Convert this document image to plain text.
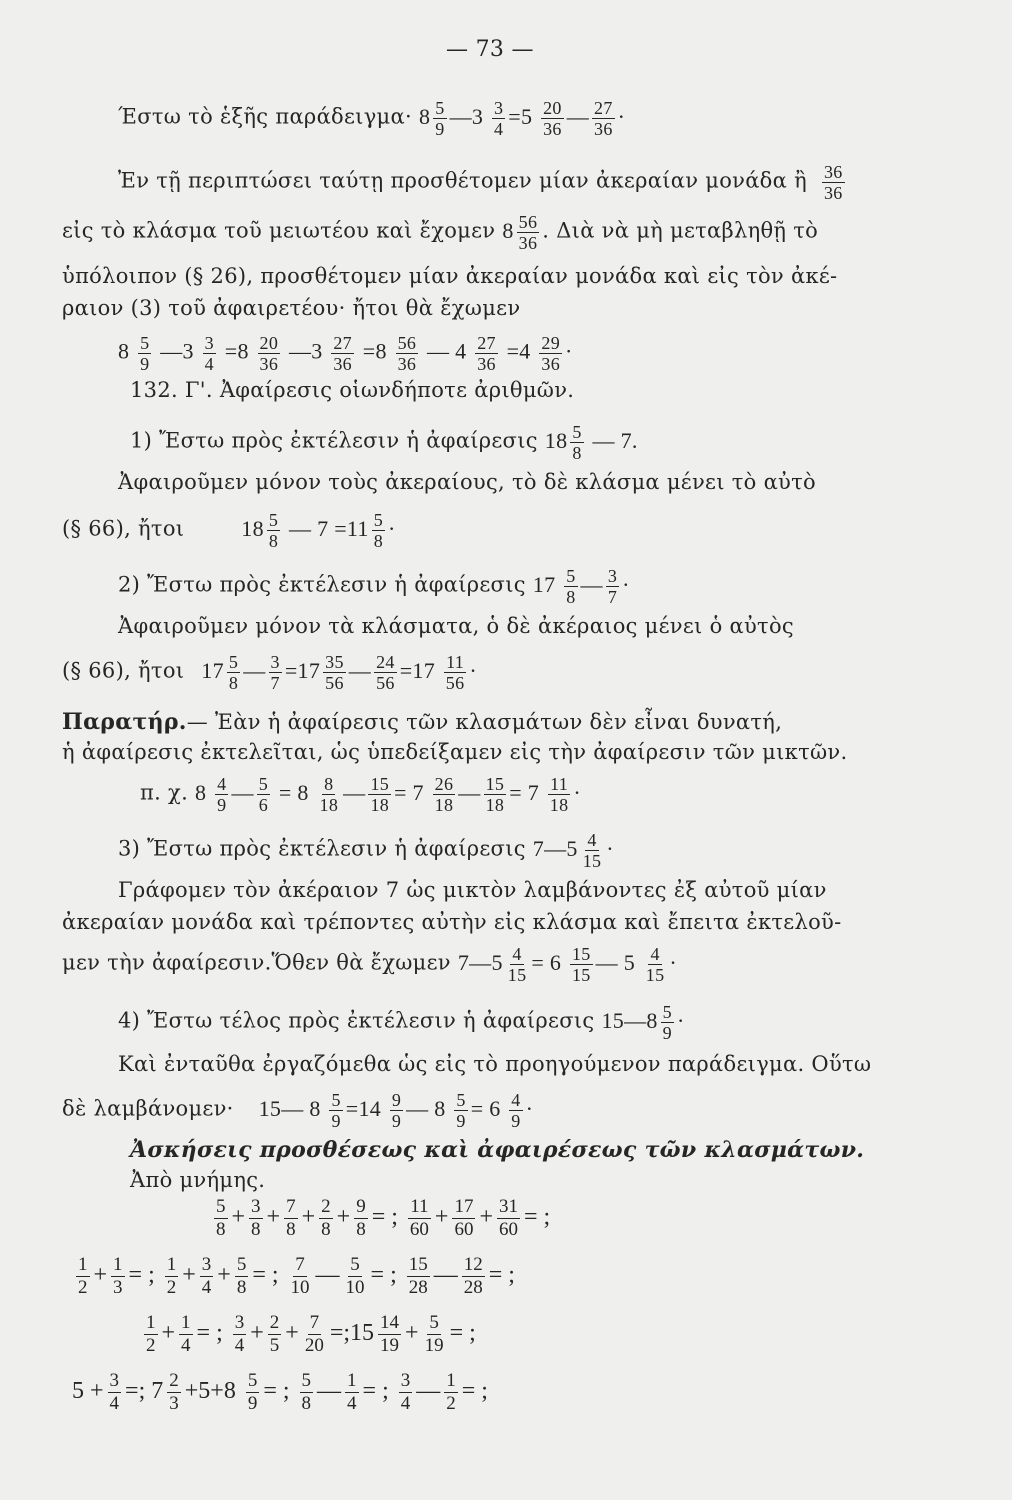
— 73 —
Έστω τὸ ἑξῆς $\pi\alpha\rho ά\delta\varepsilon\iota\gamma\mu\alpha\cdot 8 \frac{5}{9}$ —3 $\frac{3}{4} =5 \frac{20}{36}$ — $\frac{27}{36}$ ·
Ἐν τῇ περιπτώσει ταύτῃ προσθέτομεν μίαν ἀκεραίαν μονάδα ἢ $\frac{36}{36}$
εἰς τὸ κλάσμα τοῦ μειωτέου καὶ ἔχομεν $8 \frac{56}{36}$ . Διὰ νὰ μὴ μεταβληθῇ τὸ
ὑπόλοιπον (§ 26), προσθέτομεν μίαν ἀκεραίαν μονάδα καὶ εἰς τὸν ἀκέ-
ραιον (3) τοῦ ἀφαιρετέου· ἤτοι θὰ ἔχωμεν
$8 \frac{5}{9}$ —3 $\frac{3}{4} =8 \frac{20}{36}$ —3 $\frac{27}{36} =8 \frac{56}{36}$ — $4 \frac{27}{36} =4 \frac{29}{36}$ ·
132. Γ'. Ἀφαίρεσις οἱωνδήποτε ἀριθμῶν.
1) Ἔστω πρὸς ἐκτέλεσιν ἡ ἀφαίρεσις $18 \frac{5}{8}$ — 7.
Ἀφαιροῦμεν μόνον τοὺς ἀκεραίους, τὸ δὲ κλάσμα μένει τὸ αὐτὸ
(§ 66), ἤτοι	$18 \frac{5}{8}$ — $7 =11 \frac{5}{8}$ ·
2) Ἔστω πρὸς ἐκτέλεσιν ἡ ἀφαίρεσις $17 \frac{5}{8}$ — $\frac{3}{7}$ ·
Ἀφαιροῦμεν μόνον τὰ κλάσματα, ὁ δὲ ἀκέραιος μένει ὁ αὐτὸς
(§ 66), ἤτοι $17 \frac{5}{8}$ — $\frac{3}{7} =17 \frac{35}{56}$ — $\frac{24}{56} =17 \frac{11}{56}$ ·
Παρατήρ.— Ἐὰν ἡ ἀφαίρεσις τῶν κλασμάτων δὲν εἶναι δυνατή,
ἡ ἀφαίρεσις ἐκτελεῖται, ὡς ὑπεδείξαμεν εἰς τὴν ἀφαίρεσιν τῶν μικτῶν.
π. χ. $8 \frac{4}{9}$ — $\frac{5}{6} = 8 \frac{8}{18}$ — $\frac{15}{18} = 7 \frac{26}{18}$ — $\frac{15}{18} = 7 \frac{11}{18}$ ·
3) Ἔστω πρὸς ἐκτέλεσιν ἡ ἀφαίρεσις 7—5 $\frac{4}{15}$ ·
Γράφομεν τὸν ἀκέραιον 7 ὡς μικτὸν λαμβάνοντες ἐξ αὐτοῦ μίαν
ἀκεραίαν μονάδα καὶ τρέποντες αὐτὴν εἰς κλάσμα καὶ ἔπειτα ἐκτελοῦ-
μεν τὴν ἀφαίρεσιν.Ὅθεν θὰ ἔχωμεν 7—5 $\frac{4}{15} = 6 \frac{15}{15}$ — $5 \frac{4}{15}$ ·
4) Ἔστω τέλος πρὸς ἐκτέλεσιν ἡ ἀφαίρεσις 15—8 $\frac{5}{9}$ ·
Καὶ ἐνταῦθα ἐργαζόμεθα ὡς εἰς τὸ προηγούμενον παράδειγμα. Οὕτω
δὲ λαμβάνομεν· 15— $8 \frac{5}{9} =14 \frac{9}{9}$ — $8 \frac{5}{9} = 6 \frac{4}{9}$ ·
Ἀσκήσεις προσθέσεως καὶ ἀφαιρέσεως τῶν κλασμάτων.
Ἀπὸ μνήμης.
$\frac{5}{8} + \frac{3}{8} + \frac{7}{8} + \frac{2}{8} + \frac{9}{8}$ = ; $\frac{11}{60} + \frac{17}{60} + \frac{31}{60}$ = ;
$\frac{1}{2} + \frac{1}{3}$ = ; $\frac{1}{2} + \frac{3}{4} + \frac{5}{8}$ = ; $\frac{7}{10}$ — $\frac{5}{10}$ = ; $\frac{15}{28}$ — $\frac{12}{28}$ = ;
$\frac{1}{2} + \frac{1}{4}$ = ; $\frac{3}{4} + \frac{2}{5} + \frac{7}{20}$ =;15 $\frac{14}{19} + \frac{5}{19}$ = ;
$5 + \frac{3}{4}$ =; $7 \frac{2}{3} +5+8 \frac{5}{9}$ = ; $\frac{5}{8}$ — $\frac{1}{4}$ = ; $\frac{3}{4}$ — $\frac{1}{2}$ = ;
